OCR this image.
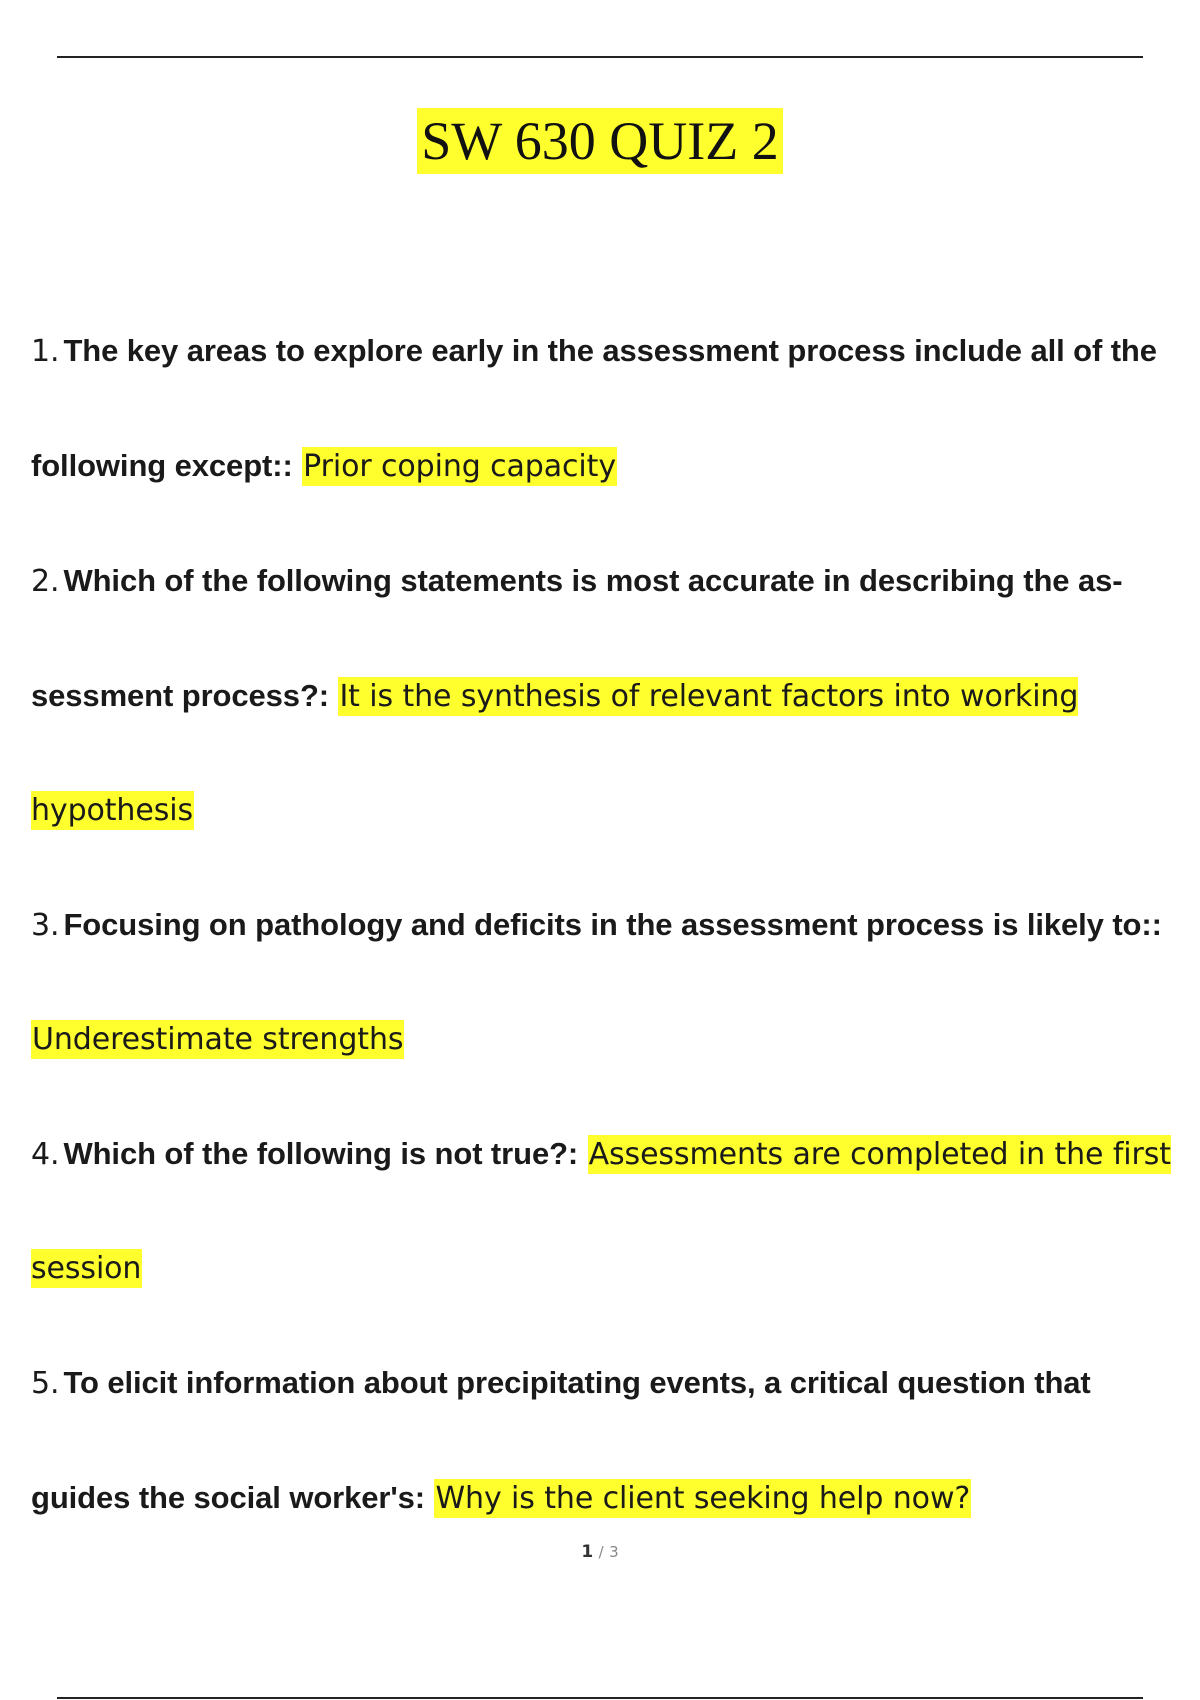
SW 630 QUIZ 2
1. The key areas to explore early in the assessment process include all of the following except:: Prior coping capacity
2. Which of the following statements is most accurate in describing the as- sessment process?: It is the synthesis of relevant factors into working hypothesis
3. Focusing on pathology and deficits in the assessment process is likely to:: Underestimate strengths
4. Which of the following is not true?: Assessments are completed in the first session
5. To elicit information about precipitating events, a critical question that guides the social worker's: Why is the client seeking help now?
1 / 3
